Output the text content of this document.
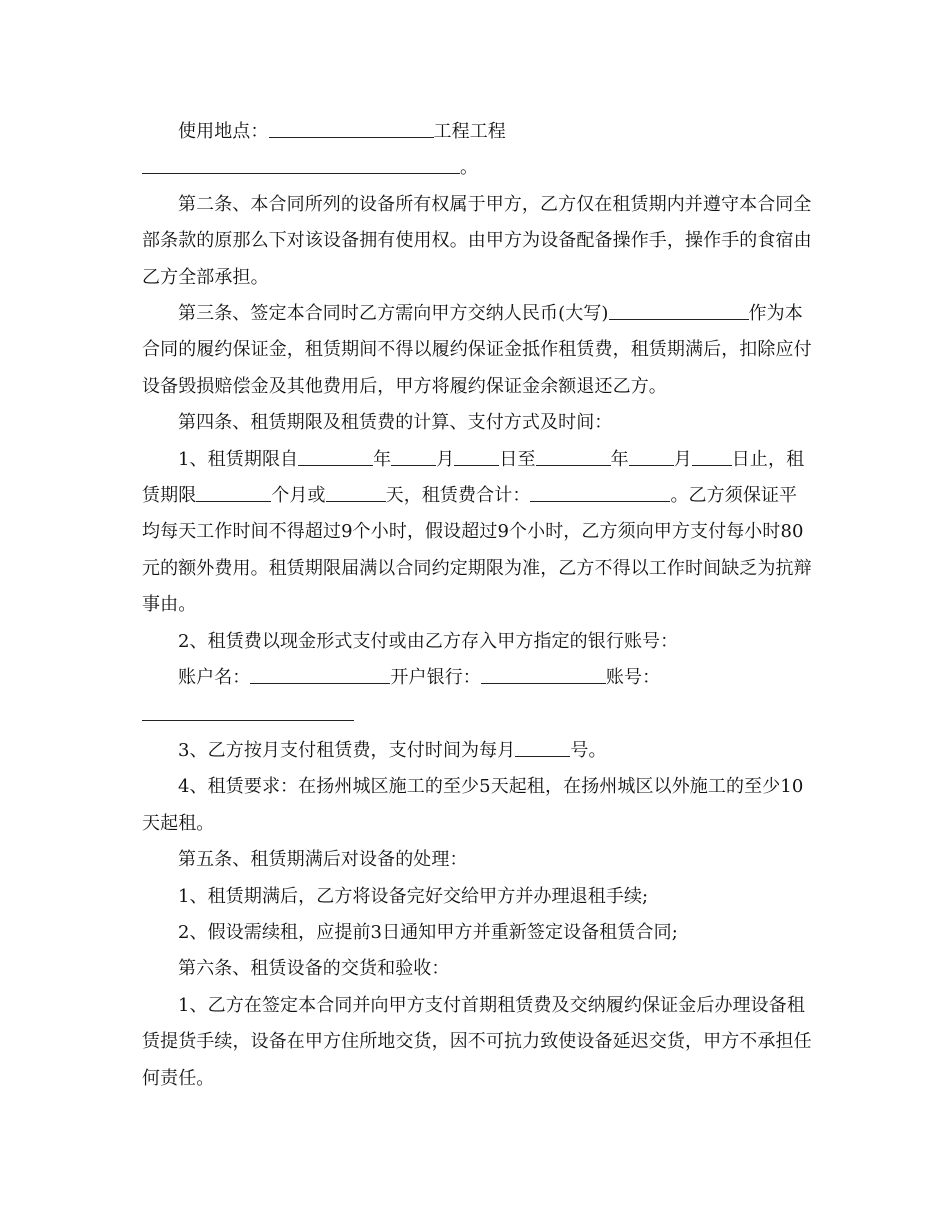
使用地点：	工程工程

。

第二条、本合同所列的设备所有权属于甲方，乙方仅在租赁期内并遵守本合同全部条款的原那么下对该设备拥有使用权。由甲方为设备配备操作手，操作手的食宿由乙方全部承担。

第三条、签定本合同时乙方需向甲方交纳人民币(大写)	作为本合同的履约保证金，租赁期间不得以履约保证金抵作租赁费，租赁期满后，扣除应付设备毁损赔偿金及其他费用后，甲方将履约保证金余额退还乙方。

第四条、租赁期限及租赁费的计算、支付方式及时间：

1、租赁期限自	年	月	日至	年	月 日止，租赁期限	个月或	天，租赁费合计：	。乙方须保证平均每天工作时间不得超过9个小时，假设超过9个小时，乙方须向甲方支付每小时80元的额外费用。租赁期限届满以合同约定期限为准，乙方不得以工作时间缺乏为抗辩事由。

2、租赁费以现金形式支付或由乙方存入甲方指定的银行账号：

账户名：	开户银行：	账号：

3、乙方按月支付租赁费，支付时间为每月	号。

4、租赁要求：在扬州城区施工的至少5天起租，在扬州城区以外施工的至少10天起租。

第五条、租赁期满后对设备的处理：

1、租赁期满后，乙方将设备完好交给甲方并办理退租手续;

2、假设需续租，应提前3日通知甲方并重新签定设备租赁合同;

第六条、租赁设备的交货和验收：

1、乙方在签定本合同并向甲方支付首期租赁费及交纳履约保证金后办理设备租赁提货手续，设备在甲方住所地交货，因不可抗力致使设备延迟交货，甲方不承担任何责任。
